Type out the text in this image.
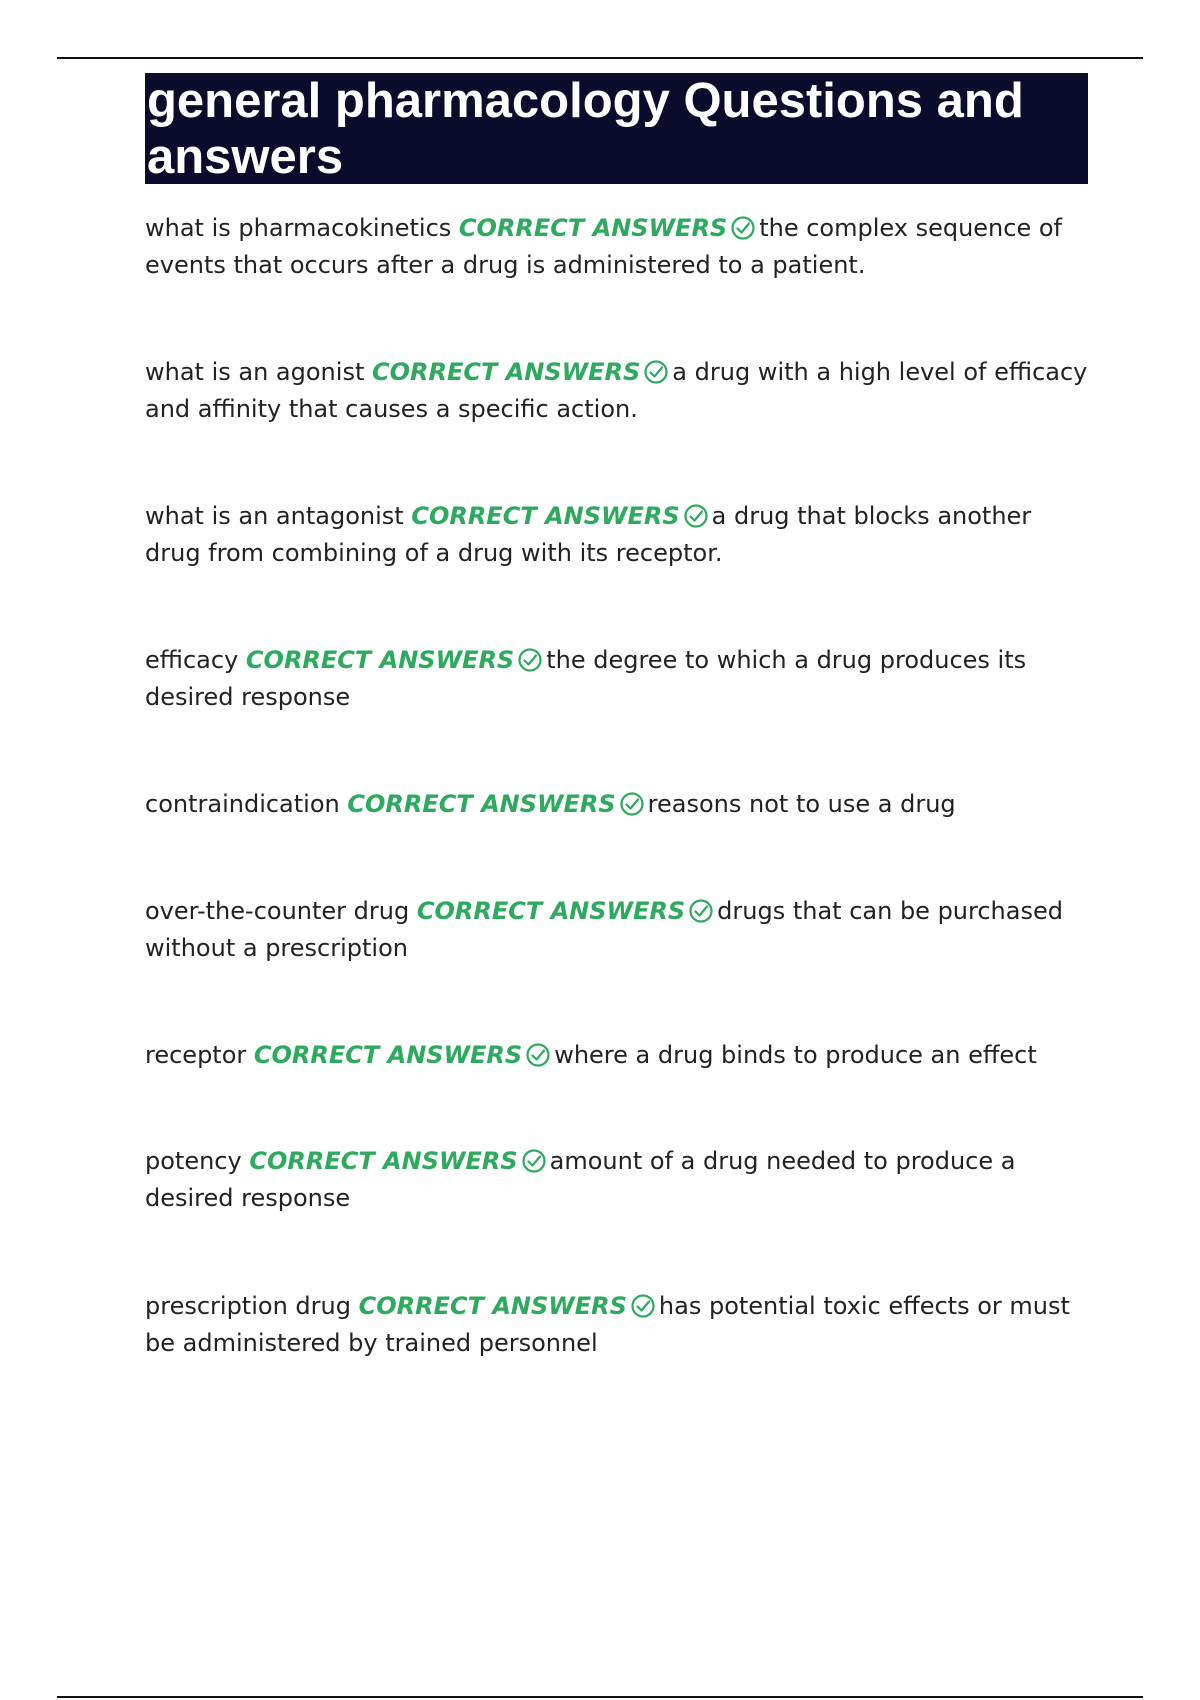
general pharmacology Questions and answers

what is pharmacokinetics CORRECT ANSWERS the complex sequence of events that occurs after a drug is administered to a patient.

what is an agonist CORRECT ANSWERS a drug with a high level of efficacy and affinity that causes a specific action.

what is an antagonist CORRECT ANSWERS a drug that blocks another drug from combining of a drug with its receptor.

efficacy CORRECT ANSWERS the degree to which a drug produces its desired response

contraindication CORRECT ANSWERS reasons not to use a drug

over-the-counter drug CORRECT ANSWERS drugs that can be purchased without a prescription

receptor CORRECT ANSWERS where a drug binds to produce an effect

potency CORRECT ANSWERS amount of a drug needed to produce a desired response

prescription drug CORRECT ANSWERS has potential toxic effects or must be administered by trained personnel
